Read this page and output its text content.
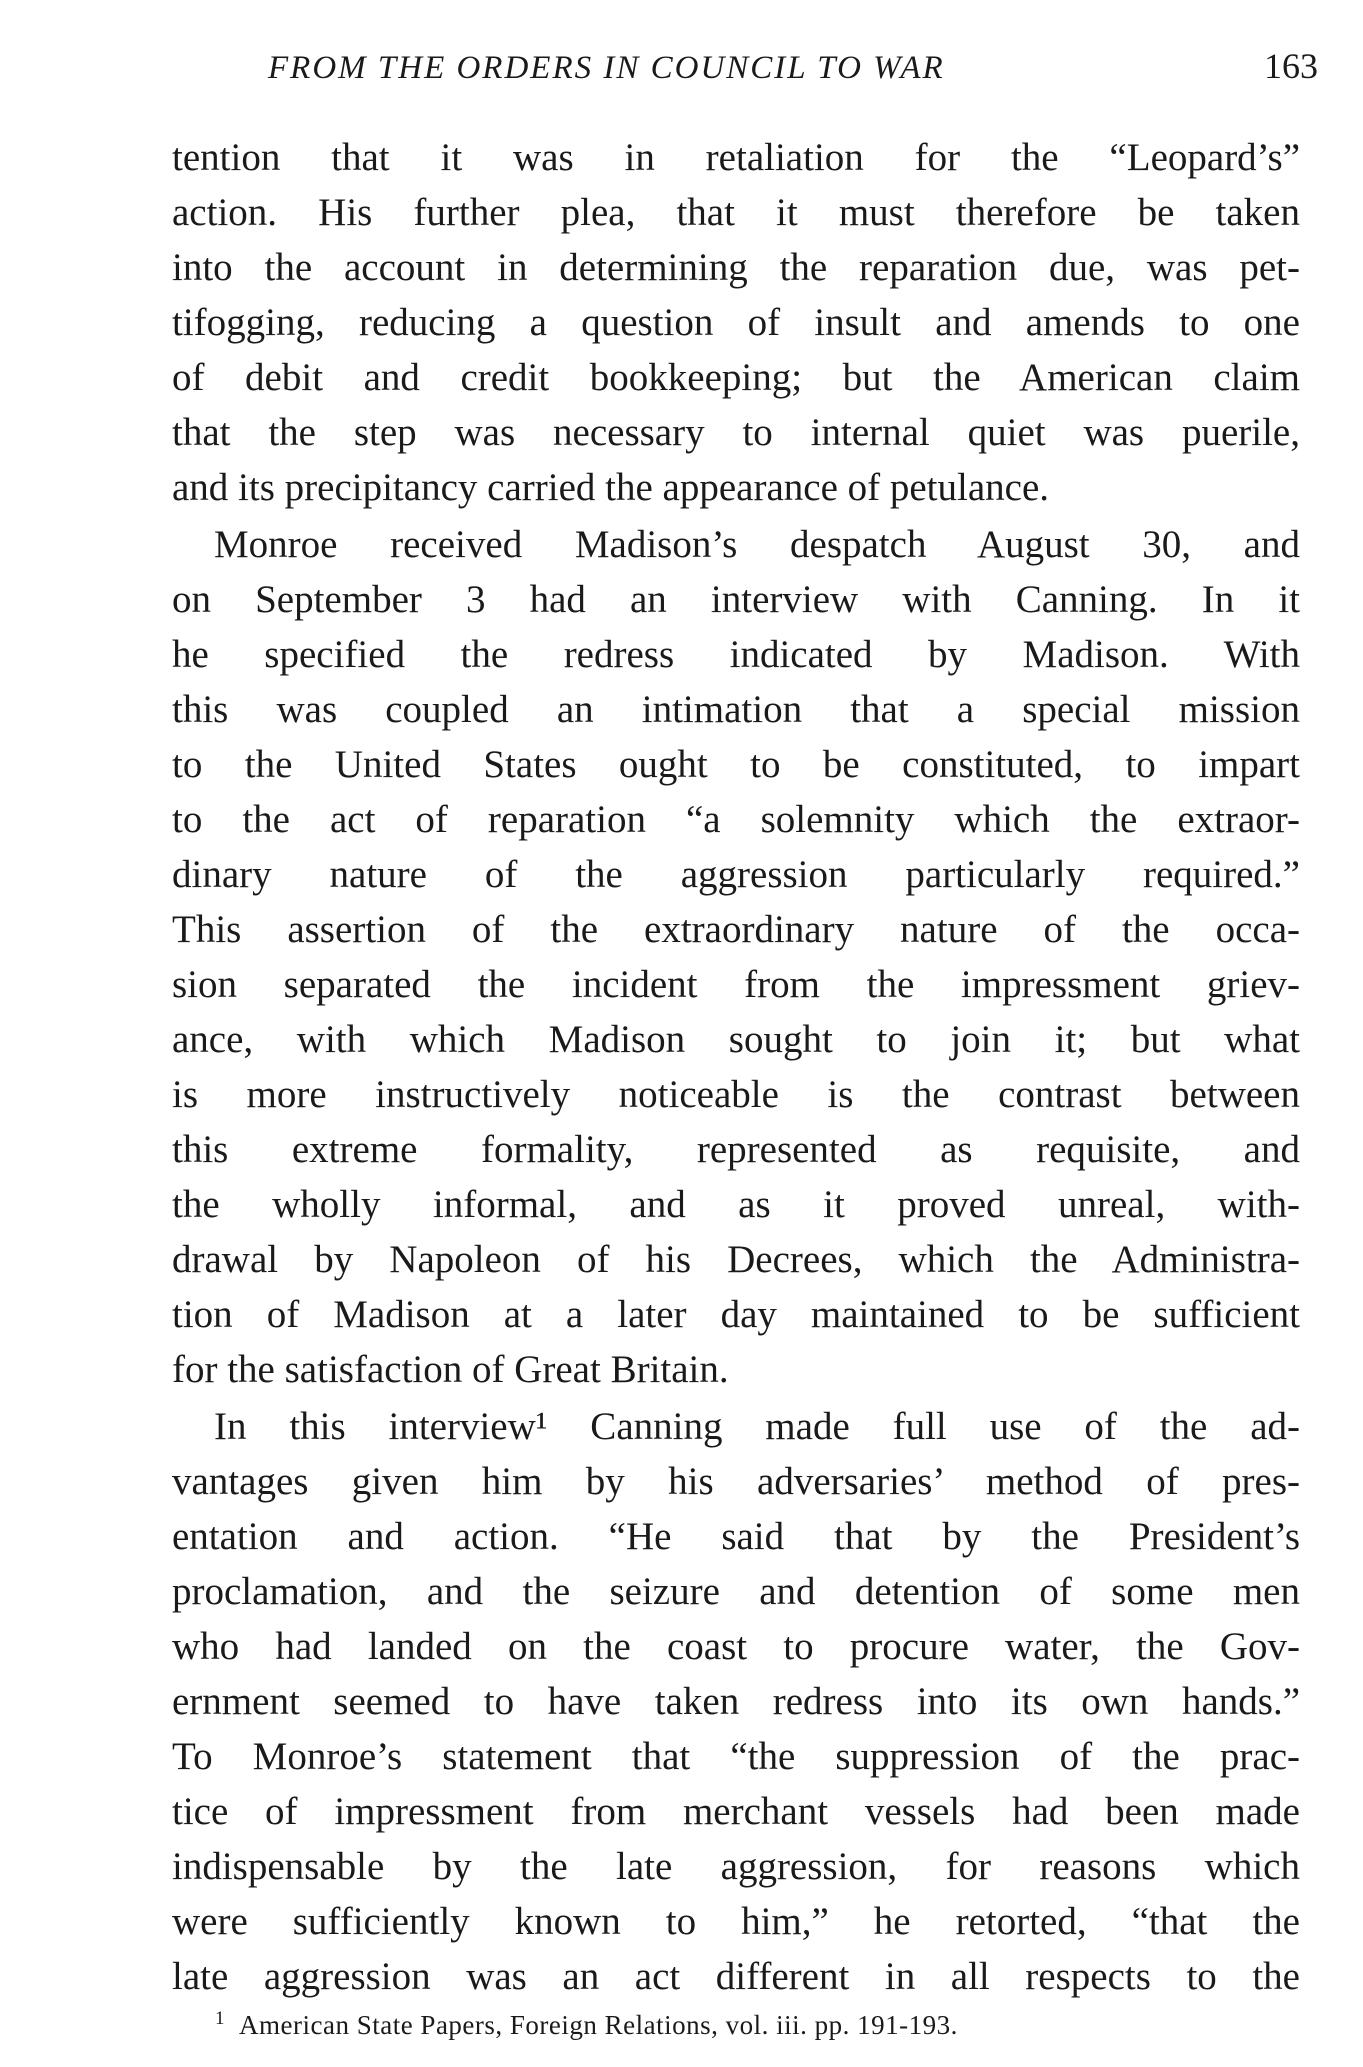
FROM THE ORDERS IN COUNCIL TO WAR	163
tention that it was in retaliation for the “Leopard’s”
action. His further plea, that it must therefore be taken
into the account in determining the reparation due, was pet-
tifogging, reducing a question of insult and amends to one
of debit and credit bookkeeping; but the American claim
that the step was necessary to internal quiet was puerile,
and its precipitancy carried the appearance of petulance.
Monroe received Madison’s despatch August 30, and
on September 3 had an interview with Canning. In it
he specified the redress indicated by Madison. With
this was coupled an intimation that a special mission
to the United States ought to be constituted, to impart
to the act of reparation “a solemnity which the extraor-
dinary nature of the aggression particularly required.”
This assertion of the extraordinary nature of the occa-
sion separated the incident from the impressment griev-
ance, with which Madison sought to join it; but what
is more instructively noticeable is the contrast between
this extreme formality, represented as requisite, and
the wholly informal, and as it proved unreal, with-
drawal by Napoleon of his Decrees, which the Administra-
tion of Madison at a later day maintained to be sufficient
for the satisfaction of Great Britain.
In this interview¹ Canning made full use of the ad-
vantages given him by his adversaries’ method of pres-
entation and action. “He said that by the President’s
proclamation, and the seizure and detention of some men
who had landed on the coast to procure water, the Gov-
ernment seemed to have taken redress into its own hands.”
To Monroe’s statement that “the suppression of the prac-
tice of impressment from merchant vessels had been made
indispensable by the late aggression, for reasons which
were sufficiently known to him,” he retorted, “that the
late aggression was an act different in all respects to the
1 American State Papers, Foreign Relations, vol. iii. pp. 191-193.
